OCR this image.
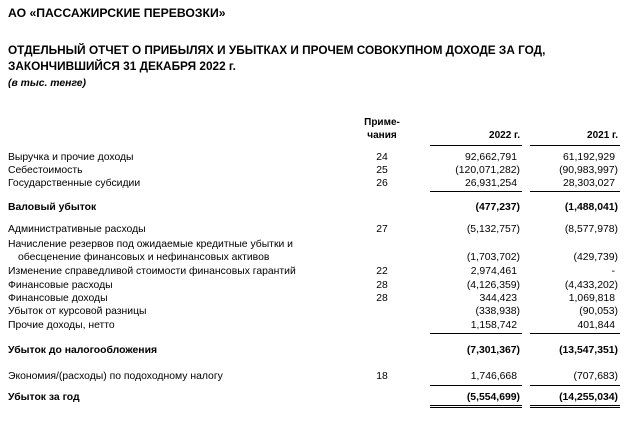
АО «ПАССАЖИРСКИЕ ПЕРЕВОЗКИ»
ОТДЕЛЬНЫЙ ОТЧЕТ О ПРИБЫЛЯХ И УБЫТКАХ И ПРОЧЕМ СОВОКУПНОМ ДОХОДЕ ЗА ГОД,
ЗАКОНЧИВШИЙСЯ 31 ДЕКАБРЯ 2022 г.
(в тыс. тенге)
Приме-
чания	2022 г.	2021 г.
Выручка и прочие доходы	24	92,662,791	61,192,929
Себестоимость	25	(120,071,282)	(90,983,997)
Государственные субсидии	26	26,931,254	28,303,027
Валовый убыток	(477,237)	(1,488,041)
Административные расходы	27	(5,132,757)	(8,577,978)
Начисление резервов под ожидаемые кредитные убытки и
обесценение финансовых и нефинансовых активов	(1,703,702)	(429,739)
Изменение справедливой стоимости финансовых гарантий	22	2,974,461	-
Финансовые расходы	28	(4,126,359)	(4,433,202)
Финансовые доходы	28	344,423	1,069,818
Убыток от курсовой разницы	(338,938)	(90,053)
Прочие доходы, нетто	1,158,742	401,844
Убыток до налогообложения	(7,301,367)	(13,547,351)
Экономия/(расходы) по подоходному налогу	18	1,746,668	(707,683)
Убыток за год	(5,554,699)	(14,255,034)
